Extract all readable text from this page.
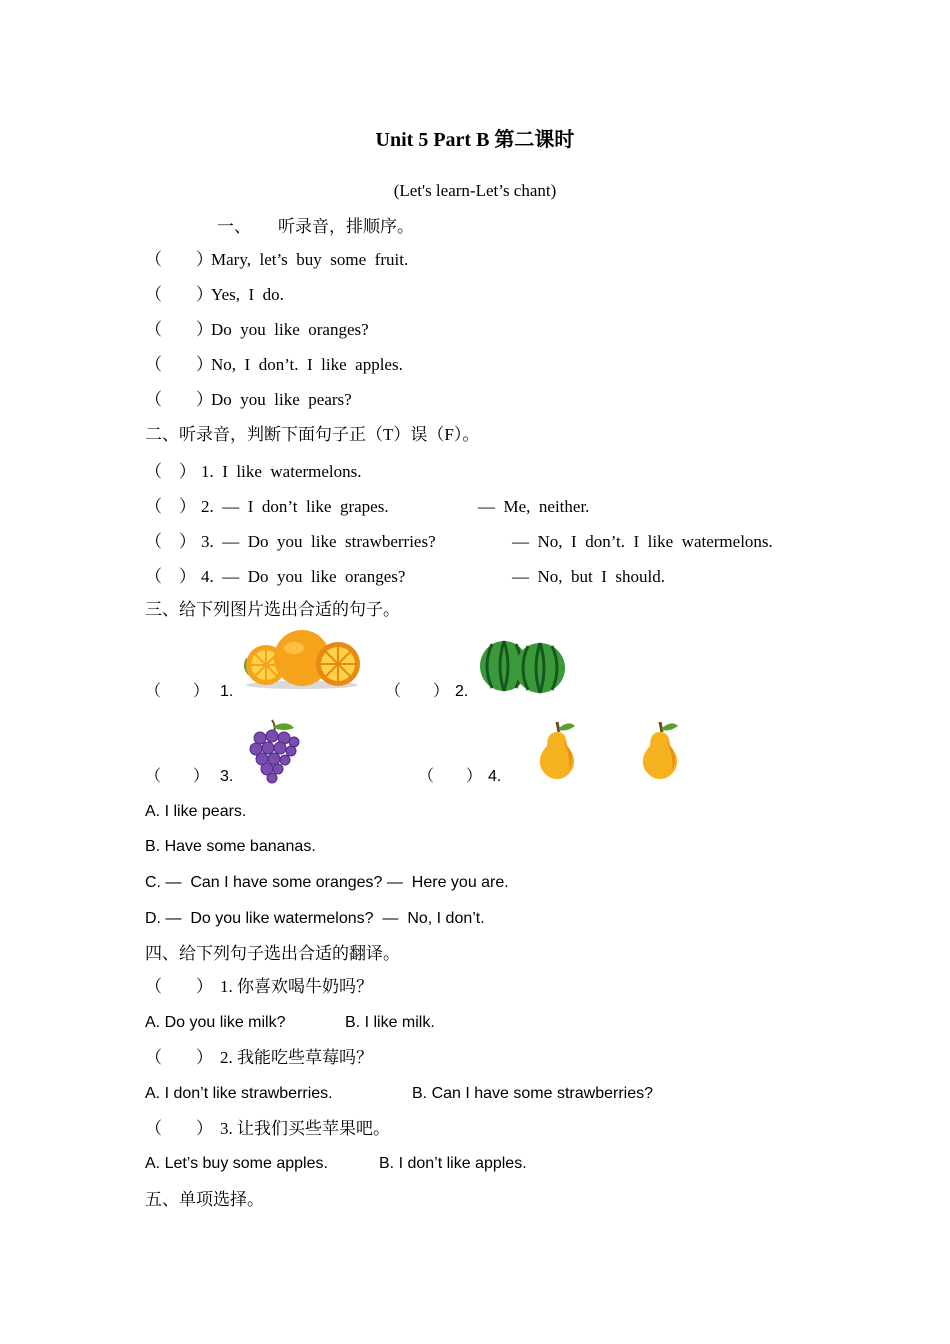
Unit 5 Part B 第二课时
(Let's learn-Let’s chant)
一、 听录音，排顺序。
（　　）
Mary,  let’s  buy  some  fruit.
（　　）
Yes,  I  do.
（　　）
Do  you  like  oranges?
（　　）
No,  I  don’t.  I  like  apples.
（　　）
Do  you  like  pears?
二、听录音，判断下面句子正（T）误（F）。
（　） 1.  I  like  watermelons.
（　） 2.  —  I  don’t  like  grapes.	—  Me,  neither.
（　） 3.  —  Do  you  like  strawberries?	—  No,  I  don’t.  I  like  watermelons.
（　） 4.  —  Do  you  like  oranges?	—  No,  but  I  should.
三、给下列图片选出合适的句子。
（　　） 1.	（　　） 2.
（　　） 3.	（　　） 4.
A. I like pears.
B. Have some bananas.
C. —  Can I have some oranges? —  Here you are.
D. —  Do you like watermelons?  —  No, I don’t.
四、给下列句子选出合适的翻译。
（　　） 1. 你喜欢喝牛奶吗？
A. Do you like milk?	B. I like milk.
（　　） 2. 我能吃些草莓吗？
A. I don’t like strawberries.	B. Can I have some strawberries?
（　　） 3. 让我们买些苹果吧。
A. Let’s buy some apples.	B. I don’t like apples.
五、单项选择。
